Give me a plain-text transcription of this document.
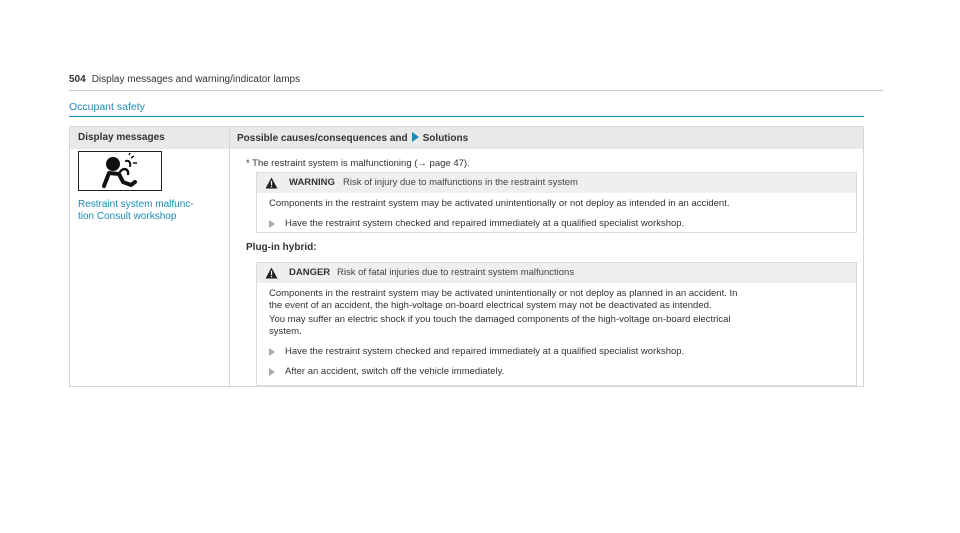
504 Display messages and warning/indicator lamps
Occupant safety
Display messages	Possible causes/consequences and Solutions
Restraint system malfunc-
tion Consult workshop
* The restraint system is malfunctioning (→ page 47).
WARNING Risk of injury due to malfunctions in the restraint system

Components in the restraint system may be activated unintentionally or not deploy as intended in an accident.

Have the restraint system checked and repaired immediately at a qualified specialist workshop.
Plug-in hybrid:
DANGER Risk of fatal injuries due to restraint system malfunctions

Components in the restraint system may be activated unintentionally or not deploy as planned in an accident. In
the event of an accident, the high-voltage on-board electrical system may not be deactivated as intended.

You may suffer an electric shock if you touch the damaged components of the high-voltage on-board electrical
system.

Have the restraint system checked and repaired immediately at a qualified specialist workshop.
After an accident, switch off the vehicle immediately.
